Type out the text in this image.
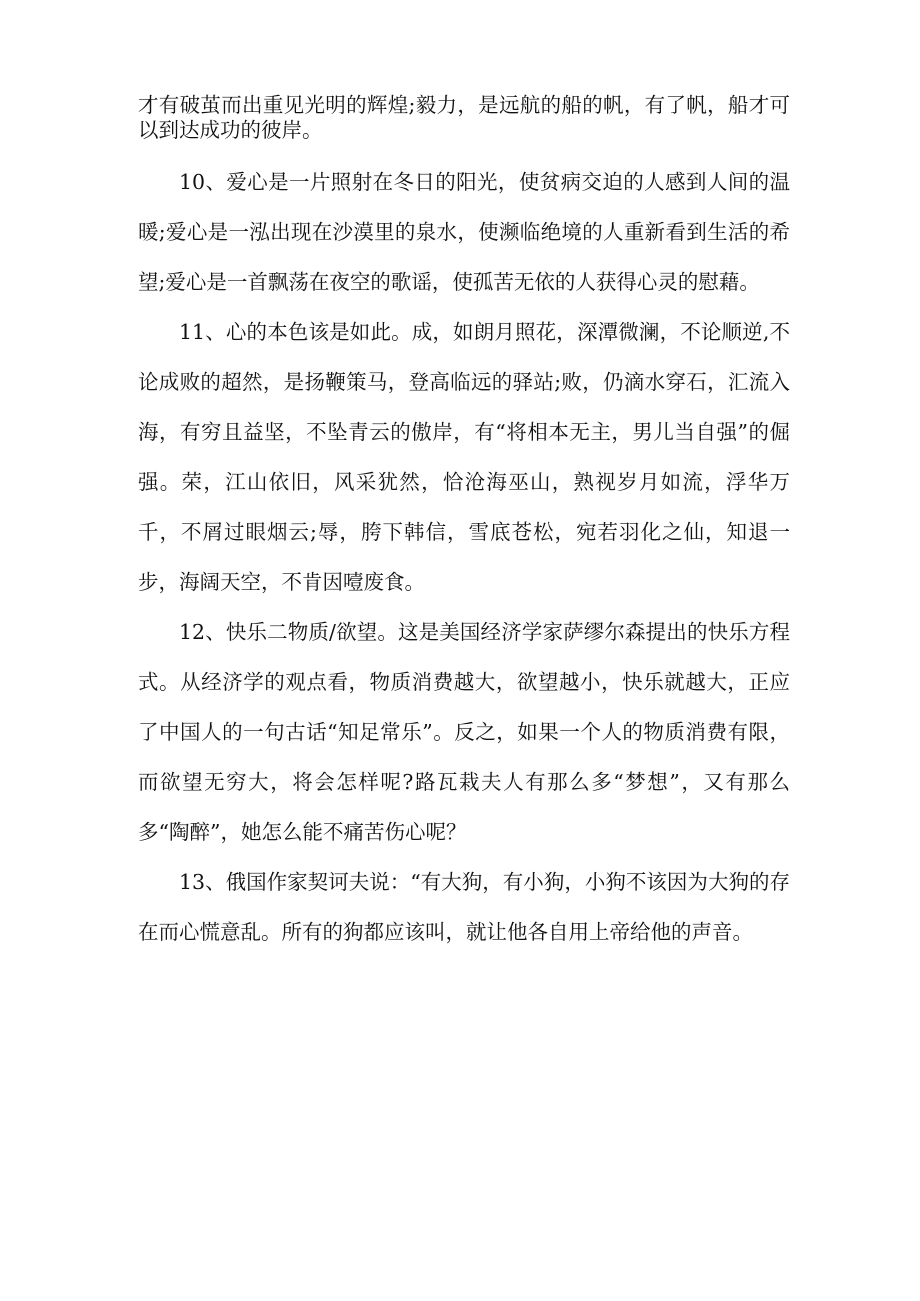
才有破茧而出重见光明的辉煌;毅力，是远航的船的帆，有了帆，船才可以到达成功的彼岸。

10、爱心是一片照射在冬日的阳光，使贫病交迫的人感到人间的温暖;爱心是一泓出现在沙漠里的泉水，使濒临绝境的人重新看到生活的希望;爱心是一首飘荡在夜空的歌谣，使孤苦无依的人获得心灵的慰藉。

11、心的本色该是如此。成，如朗月照花，深潭微澜，不论顺逆,不论成败的超然，是扬鞭策马，登高临远的驿站;败，仍滴水穿石，汇流入海，有穷且益坚，不坠青云的傲岸，有“将相本无主，男儿当自强”的倔强。荣，江山依旧，风采犹然，恰沧海巫山，熟视岁月如流，浮华万千，不屑过眼烟云;辱，胯下韩信，雪底苍松，宛若羽化之仙，知退一步，海阔天空，不肯因噎废食。

12、快乐二物质/欲望。这是美国经济学家萨缪尔森提出的快乐方程式。从经济学的观点看，物质消费越大，欲望越小，快乐就越大，正应了中国人的一句古话“知足常乐”。反之，如果一个人的物质消费有限，而欲望无穷大，将会怎样呢?路瓦栽夫人有那么多“梦想”，又有那么多“陶醉”，她怎么能不痛苦伤心呢？

13、俄国作家契诃夫说：“有大狗，有小狗，小狗不该因为大狗的存在而心慌意乱。所有的狗都应该叫，就让他各自用上帝给他的声音。
